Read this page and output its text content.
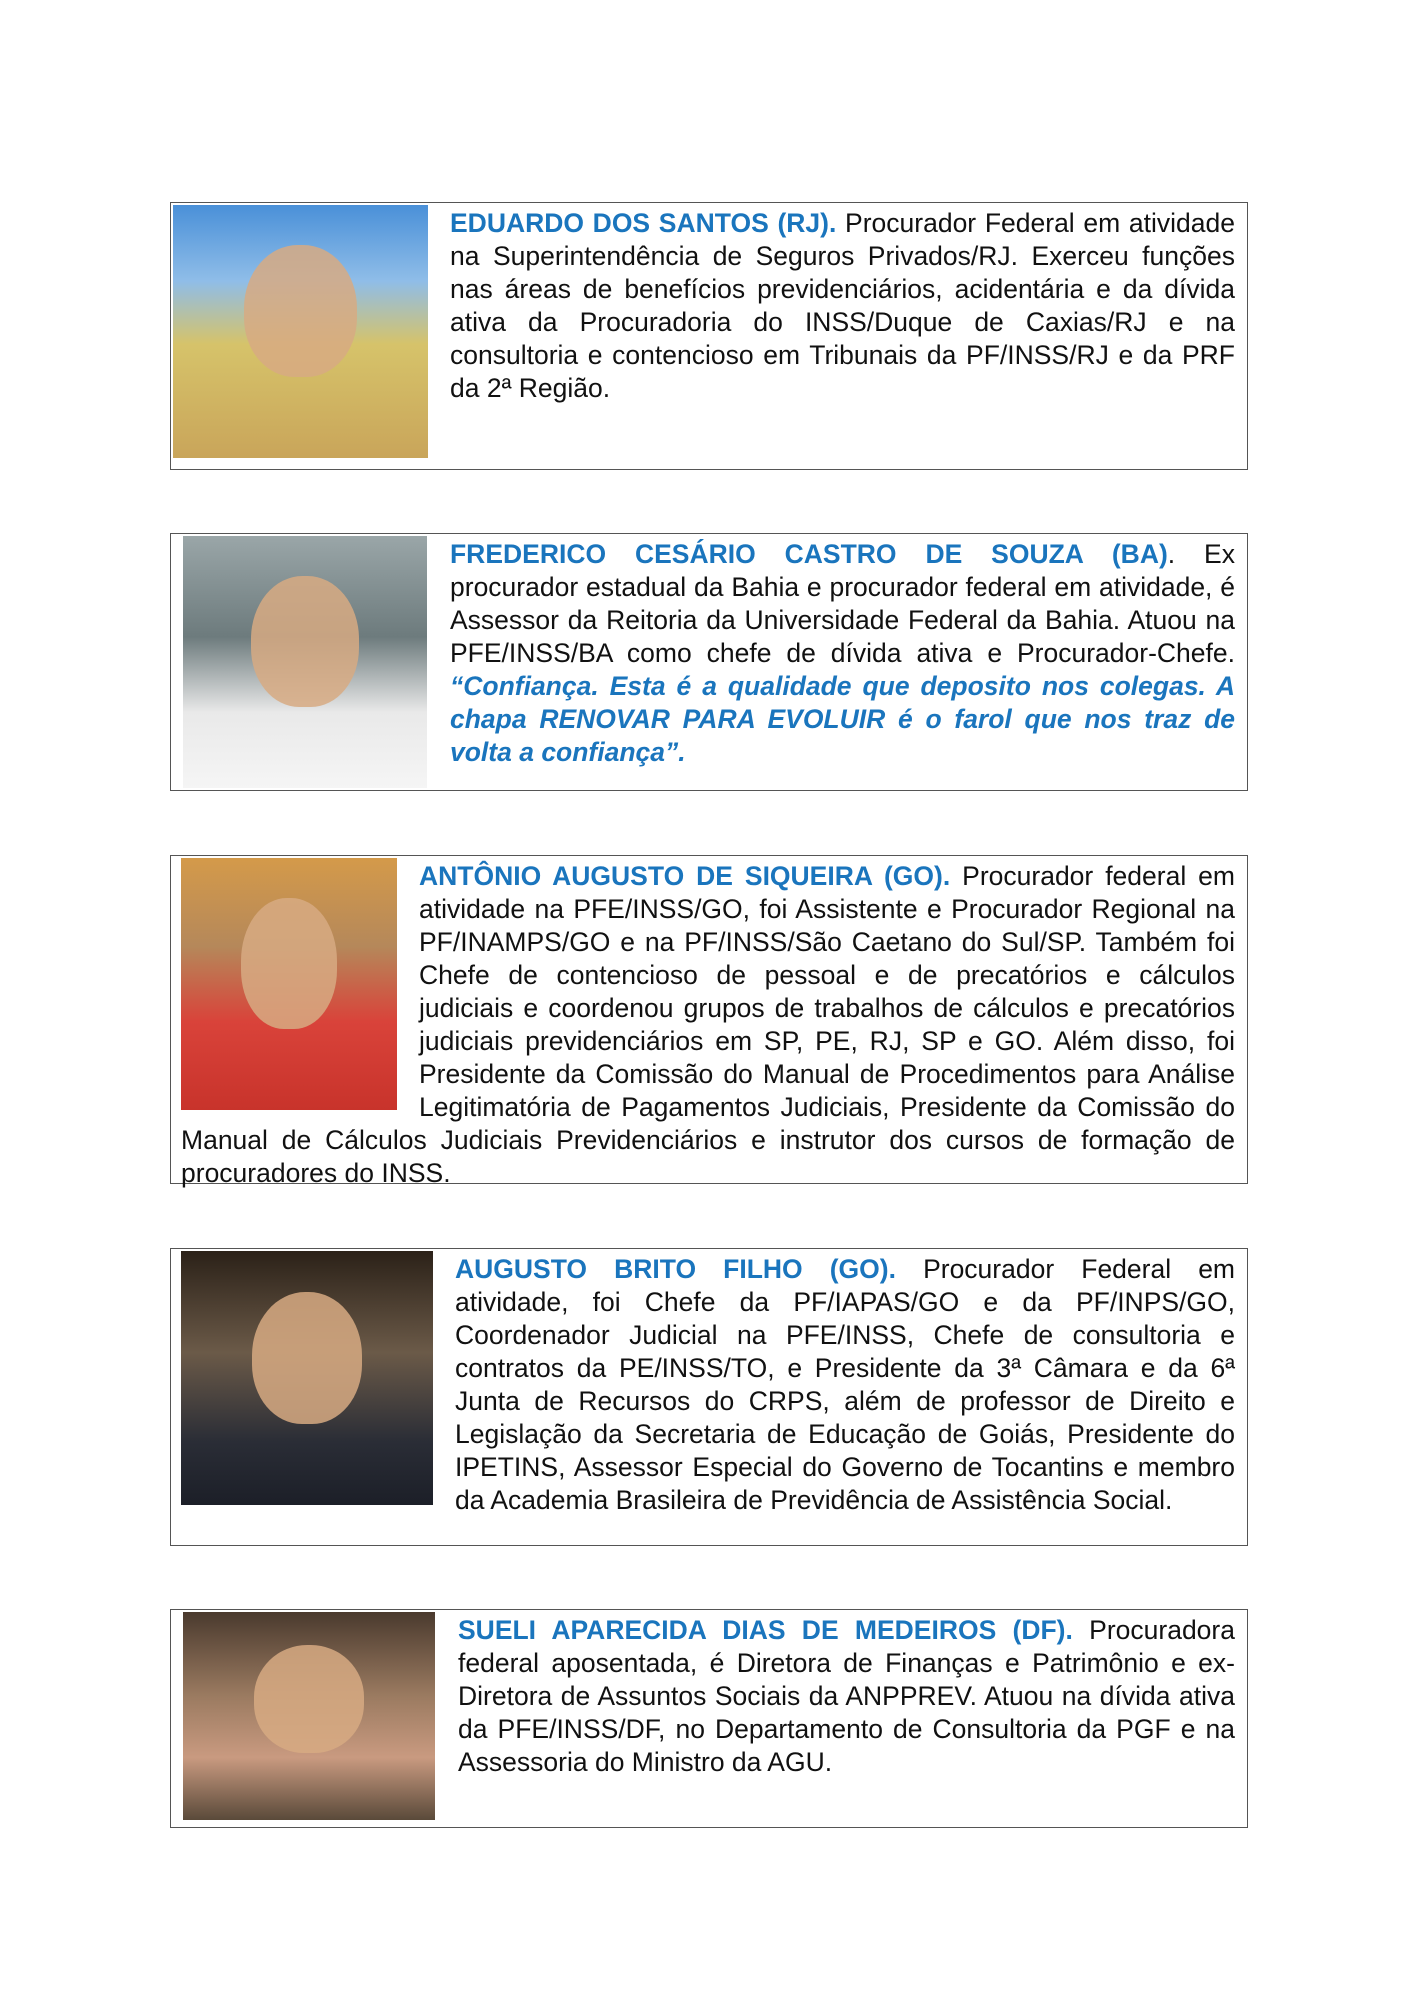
EDUARDO DOS SANTOS (RJ). Procurador Federal em atividade na Superintendência de Seguros Privados/RJ. Exerceu funções nas áreas de benefícios previdenciários, acidentária e da dívida ativa da Procuradoria do INSS/Duque de Caxias/RJ e na consultoria e contencioso em Tribunais da PF/INSS/RJ e da PRF da 2ª Região.
FREDERICO CESÁRIO CASTRO DE SOUZA (BA). Ex procurador estadual da Bahia e procurador federal em atividade, é Assessor da Reitoria da Universidade Federal da Bahia. Atuou na PFE/INSS/BA como chefe de dívida ativa e Procurador-Chefe. “Confiança. Esta é a qualidade que deposito nos colegas. A chapa RENOVAR PARA EVOLUIR é o farol que nos traz de volta a confiança”.
ANTÔNIO AUGUSTO DE SIQUEIRA (GO). Procurador federal em atividade na PFE/INSS/GO, foi Assistente e Procurador Regional na PF/INAMPS/GO e na PF/INSS/São Caetano do Sul/SP. Também foi Chefe de contencioso de pessoal e de precatórios e cálculos judiciais e coordenou grupos de trabalhos de cálculos e precatórios judiciais previdenciários em SP, PE, RJ, SP e GO. Além disso, foi Presidente da Comissão do Manual de Procedimentos para Análise Legitimatória de Pagamentos Judiciais, Presidente da Comissão do Manual de Cálculos Judiciais Previdenciários e instrutor dos cursos de formação de procuradores do INSS.
AUGUSTO BRITO FILHO (GO). Procurador Federal em atividade, foi Chefe da PF/IAPAS/GO e da PF/INPS/GO, Coordenador Judicial na PFE/INSS, Chefe de consultoria e contratos da PE/INSS/TO, e Presidente da 3ª Câmara e da 6ª Junta de Recursos do CRPS, além de professor de Direito e Legislação da Secretaria de Educação de Goiás, Presidente do IPETINS, Assessor Especial do Governo de Tocantins e membro da Academia Brasileira de Previdência de Assistência Social.
SUELI APARECIDA DIAS DE MEDEIROS (DF). Procuradora federal aposentada, é Diretora de Finanças e Patrimônio e ex-Diretora de Assuntos Sociais da ANPPREV. Atuou na dívida ativa da PFE/INSS/DF, no Departamento de Consultoria da PGF e na Assessoria do Ministro da AGU.
